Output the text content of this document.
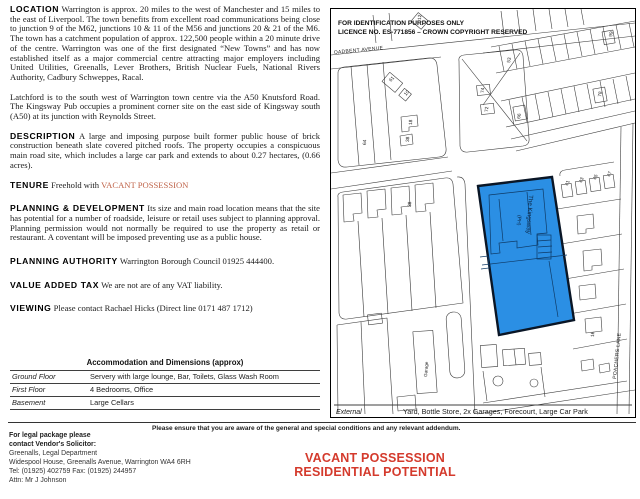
LOCATION Warrington is approx. 20 miles to the west of Manchester and 15 miles to the east of Liverpool. The town benefits from excellent road communications being close to junction 9 of the M62, junctions 10 & 11 of the M56 and junctions 20 & 21 of the M6. The town has a catchment population of approx. 122,500 people within a 20 minute drive of the centre. Warrington was one of the first designated “New Towns” and has now established itself as a major commercial centre attracting major employers including United Utilities, Greenalls, Lever Brothers, British Nuclear Fuels, National Rivers Authority, Cadbury Schweppes, Racal.

Latchford is to the south west of Warrington town centre via the A50 Knutsford Road. The Kingsway Pub occupies a prominent corner site on the east side of Kingsway south (A50) at its junction with Reynolds Street.

DESCRIPTION A large and imposing purpose built former public house of brick construction beneath slate covered pitched roofs. The property occupies a conspicuous main road site, which includes a large car park and extends to about 0.27 hectares, (0.66 acres).

TENURE Freehold with VACANT POSSESSION

PLANNING & DEVELOPMENT Its size and main road location means that the site has potential for a number of roadside, leisure or retail uses subject to planning approval. Planning permission would not normally be required to use the property as retail or restaurant. A coventant will be imposed preventing use as a public house.

PLANNING AUTHORITY Warrington Borough Council 01925 444400.

VALUE ADDED TAX We are not are of any VAT liability.

VIEWING Please contact Rachael Hicks (Direct line 0171 487 1712)

Accommodation and Dimensions (approx)
Ground Floor	Servery with large lounge, Bar, Toilets, Glass Wash Room
First Floor	4 Bedrooms, Office
Basement	Large Cellars
FOR IDENTIFICATION PURPOSES ONLY
LICENCE NO. ES-771856 – CROWN COPYRIGHT RESERVED
OADBENT AVENUE
POACHERS LANE
Garage
The Kingsway
(PH)
61
10
18
38
64
12
74
72
53
99
66
78
41 43 45 47
38
16
External	Yard, Bottle Store, 2x Garages, Forecourt, Large Car Park
Please ensure that you are aware of the general and special conditions and any relevant addendum.
For legal package please
contact Vendor's Solicitor:
Greenalls, Legal Department
Widespool House, Greenalls Avenue, Warrington WA4 6RH
Tel: (01925) 402759 Fax: (01925) 244957
Attn: Mr J Johnson
VACANT POSSESSION
RESIDENTIAL POTENTIAL
